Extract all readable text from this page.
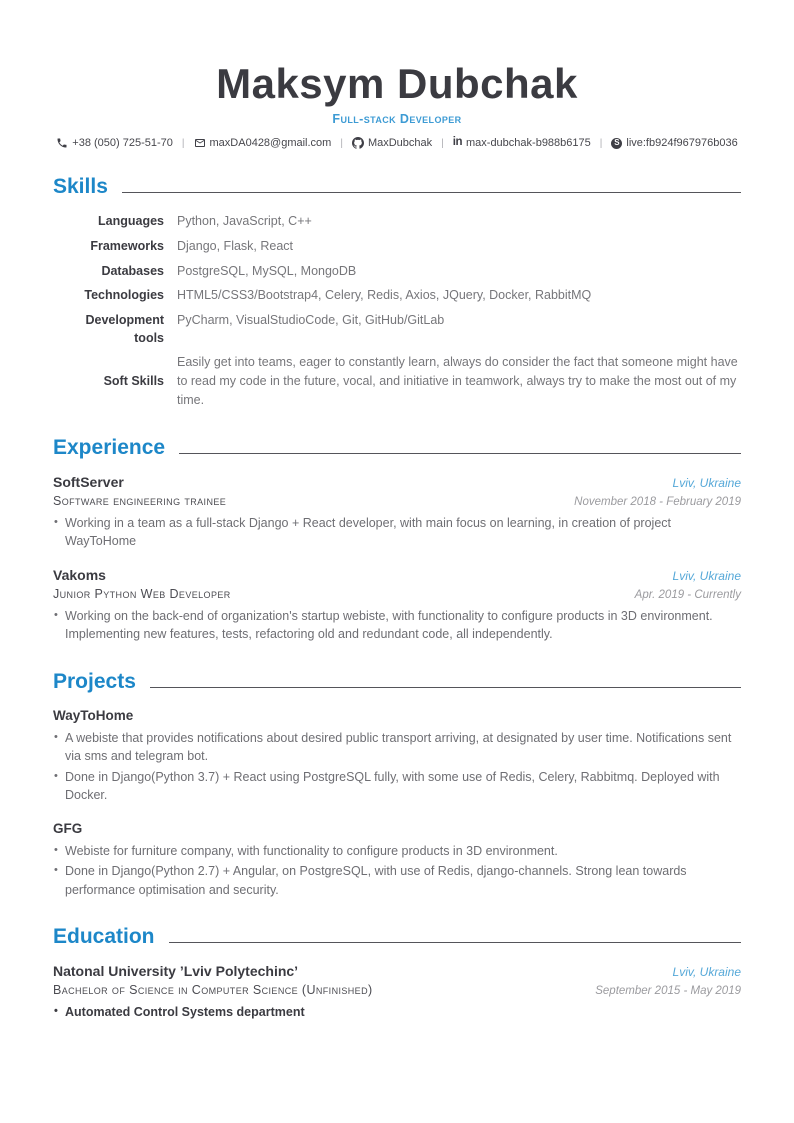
Maksym Dubchak
Full-stack Developer
+38 (050) 725-51-70 | maxDA0428@gmail.com | MaxDubchak | in max-dubchak-b988b6175 |	S live:fb924f967976b036
Skills
Languages Python, JavaScript, C++
Frameworks Django, Flask, React
Databases PostgreSQL, MySQL, MongoDB
Technologies HTML5/CSS3/Bootstrap4, Celery, Redis, Axios, JQuery, Docker, RabbitMQ
Development tools
PyCharm, VisualStudioCode, Git, GitHub/GitLab
Soft Skills
Easily get into teams, eager to constantly learn, always do consider the fact that someone might have to read my code in the future, vocal, and initiative in teamwork, always try to make the most out of my time.
Experience
SoftServer	Lviv, Ukraine
Software engineering trainee	November 2018 - February 2019
• Working in a team as a full-stack Django + React developer, with main focus on learning, in creation of project WayToHome
Vakoms	Lviv, Ukraine
Junior Python Web Developer	Apr. 2019 - Currently
• Working on the back-end of organization's startup webiste, with functionality to configure products in 3D environment. Implementing new features, tests, refactoring old and redundant code, all independently.
Projects
WayToHome
• A webiste that provides notifications about desired public transport arriving, at designated by user time. Notifications sent via sms and telegram bot.
• Done in Django(Python 3.7) + React using PostgreSQL fully, with some use of Redis, Celery, Rabbitmq. Deployed with Docker.
GFG
• Webiste for furniture company, with functionality to configure products in 3D environment.
• Done in Django(Python 2.7) + Angular, on PostgreSQL, with use of Redis, django-channels. Strong lean towards performance optimisation and security.
Education
Natonal University ’Lviv Polytechinc’	Lviv, Ukraine
Bachelor of Science in Computer Science (Unfinished)	September 2015 - May 2019
• Automated Control Systems department
